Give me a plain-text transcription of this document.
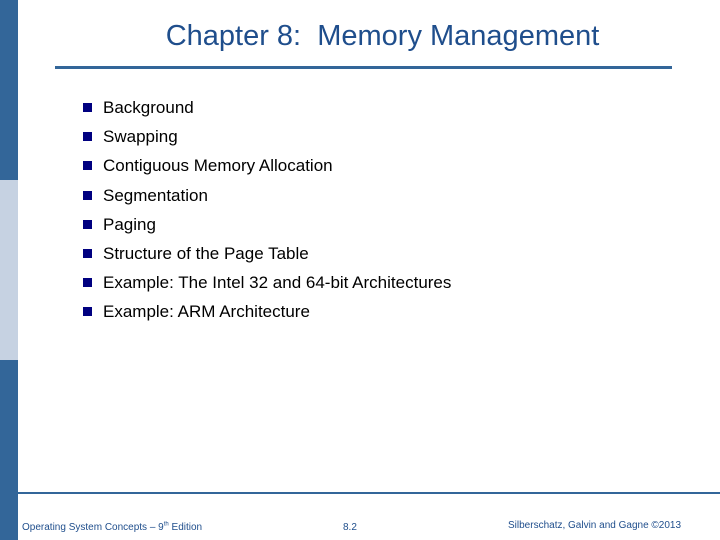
Chapter 8:  Memory Management
Background
Swapping
Contiguous Memory Allocation
Segmentation
Paging
Structure of the Page Table
Example: The Intel 32 and 64-bit Architectures
Example: ARM Architecture
Operating System Concepts – 9th Edition	8.2	Silberschatz, Galvin and Gagne ©2013
